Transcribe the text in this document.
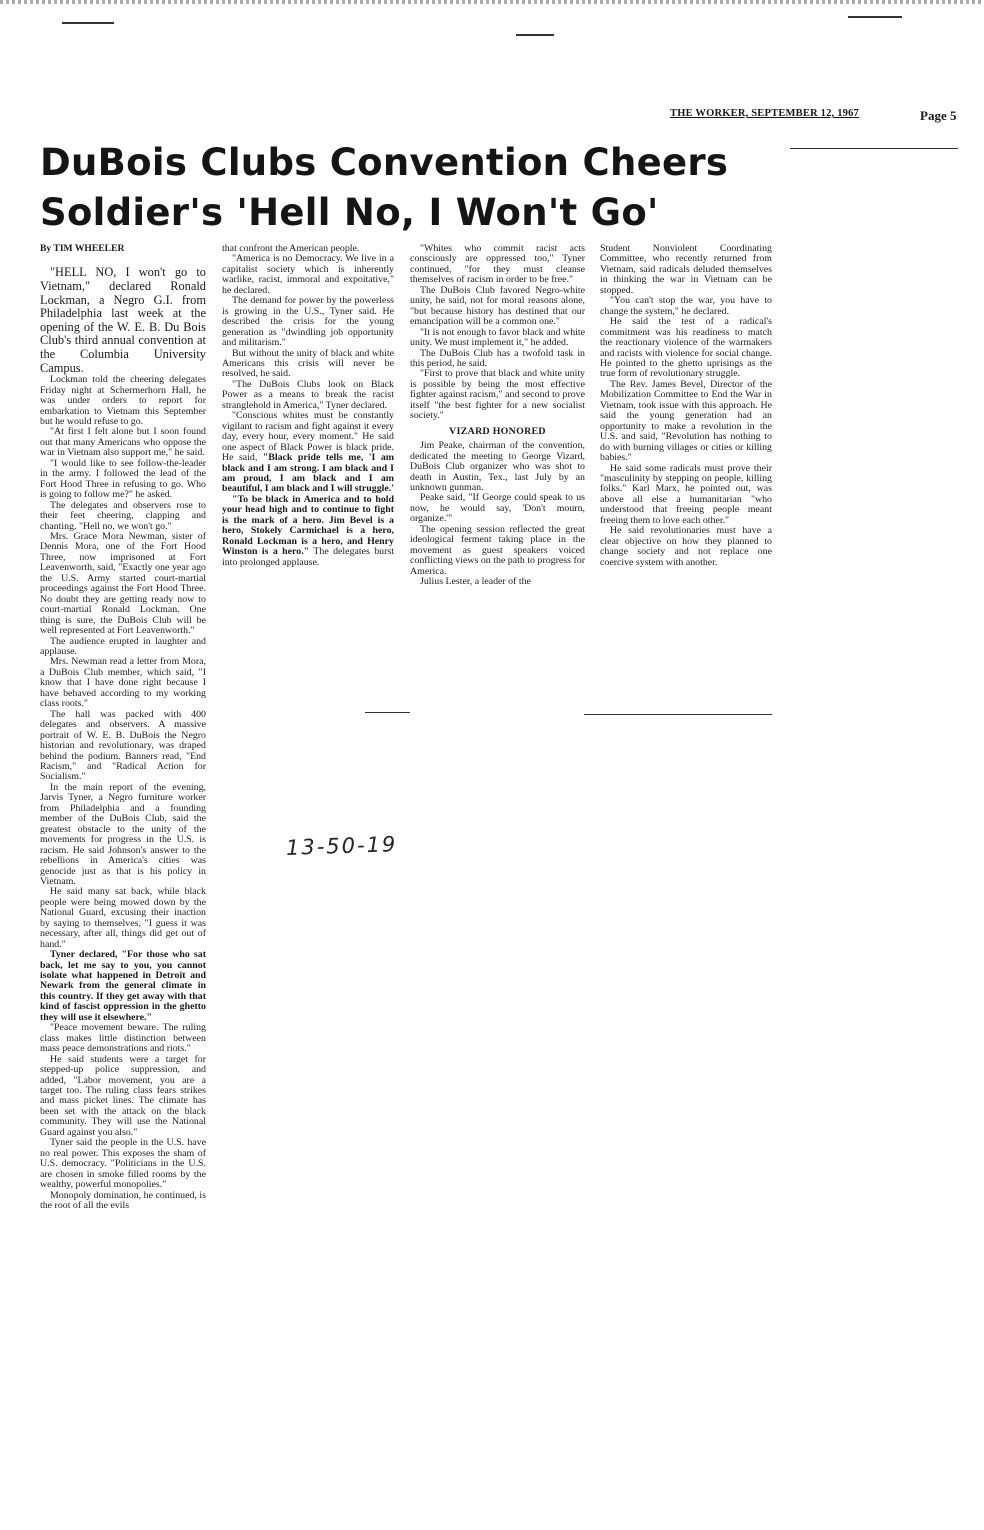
THE WORKER, SEPTEMBER 12, 1967	Page 5
DuBois Clubs Convention Cheers
Soldier's 'Hell No, I Won't Go'

By TIM WHEELER

"HELL NO, I won't go to Vietnam," declared Ronald Lockman, a Negro G.I. from Philadelphia last week at the opening of the W. E. B. Du Bois Club's third annual convention at the Columbia University Campus.

Lockman told the cheering delegates Friday night at Schermerhorn Hall, he was under orders to report for embarkation to Vietnam this September but he would refuse to go.

"At first I felt alone but I soon found out that many Americans who oppose the war in Vietnam also support me," he said.

"I would like to see follow-the-leader in the army. I followed the lead of the Fort Hood Three in refusing to go. Who is going to follow me?" he asked.

The delegates and observers rose to their feet cheering, clapping and chanting. "Hell no, we won't go."

Mrs. Grace Mora Newman, sister of Dennis Mora, one of the Fort Hood Three, now imprisoned at Fort Leavenworth, said, "Exactly one year ago the U.S. Army started court-martial proceedings against the Fort Hood Three. No doubt they are getting ready now to court-martial Ronald Lockman. One thing is sure, the DuBois Club will be well represented at Fort Leavenworth."

The audience erupted in laughter and applause.

Mrs. Newman read a letter from Mora, a DuBois Club member, which said, "I know that I have done right because I have behaved according to my working class roots."

The hall was packed with 400 delegates and observers. A massive portrait of W. E. B. DuBois the Negro historian and revolutionary, was draped behind the podium. Banners read, "End Racism," and "Radical Action for Socialism."

In the main report of the evening, Jarvis Tyner, a Negro furniture worker from Philadelphia and a founding member of the DuBois Club, said the greatest obstacle to the unity of the movements for progress in the U.S. is racism. He said Johnson's answer to the rebellions in America's cities was genocide just as that is his policy in Vietnam.

He said many sat back, while black people were being mowed down by the National Guard, excusing their inaction by saying to themselves, "I guess it was necessary, after all, things did get out of hand."

Tyner declared, "For those who sat back, let me say to you, you cannot isolate what happened in Detroit and Newark from the general climate in this country. If they get away with that kind of fascist oppression in the ghetto they will use it elsewhere."

"Peace movement beware. The ruling class makes little distinction between mass peace demonstrations and riots."

He said students were a target for stepped-up police suppression, and added, "Labor movement, you are a target too. The ruling class fears strikes and mass picket lines. The climate has been set with the attack on the black community. They will use the National Guard against you also."

Tyner said the people in the U.S. have no real power. This exposes the sham of U.S. democracy. "Politicians in the U.S. are chosen in smoke filled rooms by the wealthy, powerful monopolies."

Monopoly domination, he continued, is the root of all the evils

that confront the American people.

"America is no Democracy. We live in a capitalist society which is inherently warlike, racist, immoral and expoitative," he declared.

The demand for power by the powerless is growing in the U.S., Tyner said. He described the crisis for the young generation as "dwindling job opportunity and militarism."

But without the unity of black and white Americans this crisis will never be resolved, he said.

"The DuBois Clubs look on Black Power as a means to break the racist stranglehold in America," Tyner declared.

"Conscious whites must be constantly vigilant to racism and fight against it every day, every hour, every moment." He said one aspect of Black Power is black pride. He said, "Black pride tells me, 'I am black and I am strong. I am black and I am proud, I am black and I am beautiful, I am black and I will struggle.'

"To be black in America and to hold your head high and to continue to fight is the mark of a hero. Jim Bevel is a hero, Stokely Carmichael is a hero, Ronald Lockman is a hero, and Henry Winston is a hero." The delegates burst into prolonged applause.

"Whites who commit racist acts consciously are oppressed too," Tyner continued, "for they must cleanse themselves of racism in order to be free."

The DuBois Club favored Negro-white unity, he said, not for moral reasons alone, "but because history has destined that our emancipation will be a common one."

"It is not enough to favor black and white unity. We must implement it," he added.

The DuBois Club has a twofold task in this period, he said.

"First to prove that black and white unity is possible by being the most effective fighter against racism," and second to prove itself "the best fighter for a new socialist society."

VIZARD HONORED

Jim Peake, chairman of the convention, dedicated the meeting to George Vizard, DuBois Club organizer who was shot to death in Austin, Tex., last July by an unknown gunman.

Peake said, "If George could speak to us now, he would say, 'Don't mourn, organize.'"

The opening session reflected the great ideological ferment taking place in the movement as guest speakers voiced conflicting views on the path to progress for America.

Julius Lester, a leader of the

Student Nonviolent Coordinating Committee, who recently returned from Vietnam, said radicals deluded themselves in thinking the war in Vietnam can be stopped.

"You can't stop the war, you have to change the system," he declared.

He said the test of a radical's commitment was his readiness to match the reactionary violence of the warmakers and racists with violence for social change. He pointed to the ghetto uprisings as the true form of revolutionary struggle.

The Rev. James Bevel, Director of the Mobilization Committee to End the War in Vietnam, took issue with this approach. He said the young generation had an opportunity to make a revolution in the U.S. and said, "Revolution has nothing to do with burning villages or cities or killing babies."

He said some radicals must prove their "masculinity by stepping on people, killing folks." Karl Marx, he pointed out, was above all else a humanitarian "who understood that freeing people meant freeing them to love each other."

He said revolutionaries must have a clear objective on how they planned to change society and not replace one coercive system with another.

13-50-19
